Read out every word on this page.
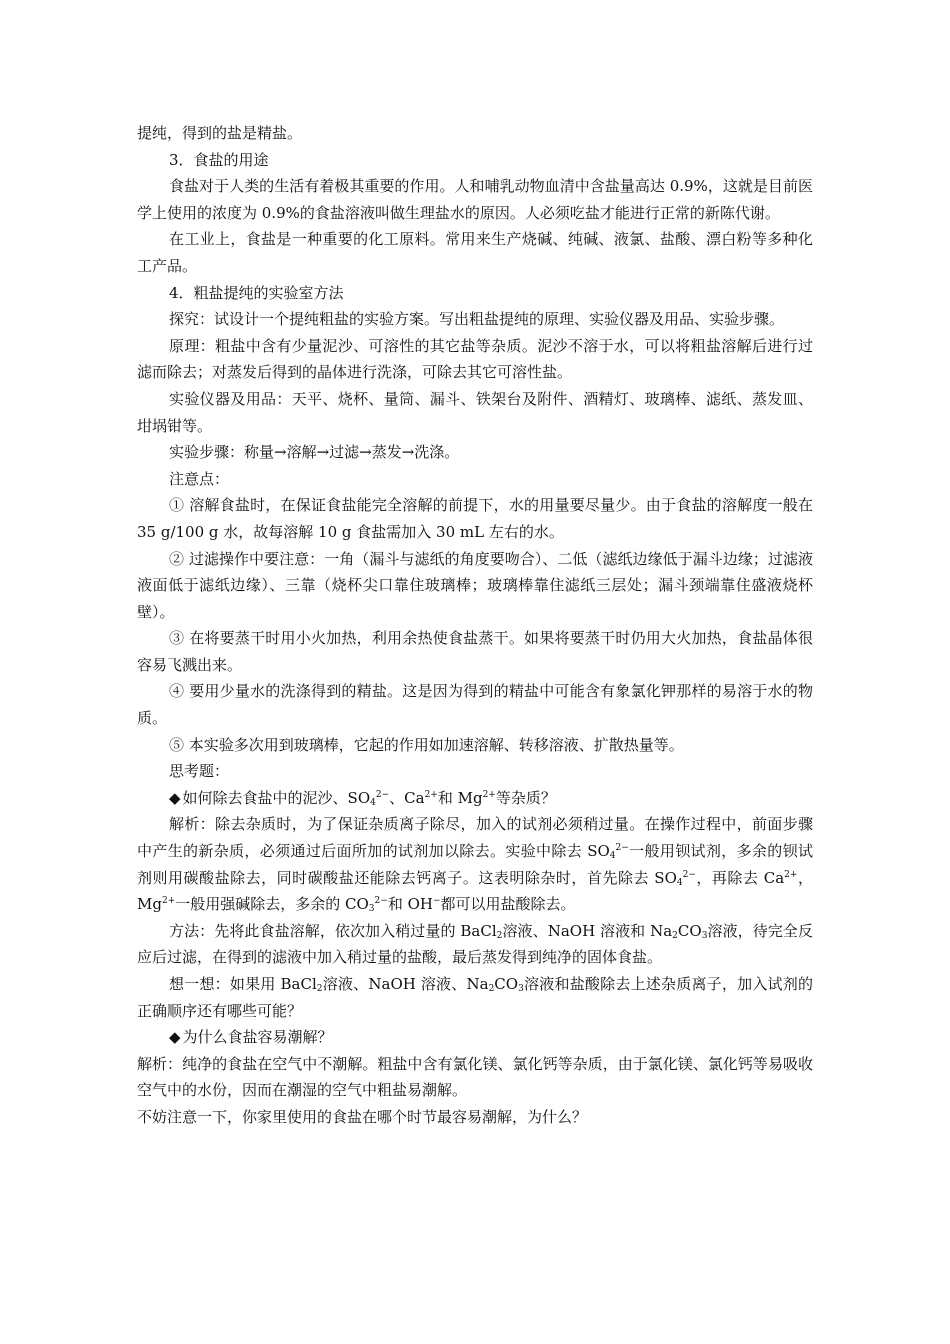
提纯，得到的盐是精盐。

3．食盐的用途

食盐对于人类的生活有着极其重要的作用。人和哺乳动物血清中含盐量高达 0.9%，这就是目前医学上使用的浓度为 0.9%的食盐溶液叫做生理盐水的原因。人必须吃盐才能进行正常的新陈代谢。

在工业上，食盐是一种重要的化工原料。常用来生产烧碱、纯碱、液氯、盐酸、漂白粉等多种化工产品。

4．粗盐提纯的实验室方法

探究：试设计一个提纯粗盐的实验方案。写出粗盐提纯的原理、实验仪器及用品、实验步骤。

原理：粗盐中含有少量泥沙、可溶性的其它盐等杂质。泥沙不溶于水，可以将粗盐溶解后进行过滤而除去；对蒸发后得到的晶体进行洗涤，可除去其它可溶性盐。

实验仪器及用品：天平、烧杯、量筒、漏斗、铁架台及附件、酒精灯、玻璃棒、滤纸、蒸发皿、坩埚钳等。

实验步骤：称量→溶解→过滤→蒸发→洗涤。

注意点：

① 溶解食盐时，在保证食盐能完全溶解的前提下，水的用量要尽量少。由于食盐的溶解度一般在 35 g/100 g 水，故每溶解 10 g 食盐需加入 30 mL 左右的水。

② 过滤操作中要注意：一角（漏斗与滤纸的角度要吻合）、二低（滤纸边缘低于漏斗边缘；过滤液液面低于滤纸边缘）、三靠（烧杯尖口靠住玻璃棒；玻璃棒靠住滤纸三层处；漏斗颈端靠住盛液烧杯壁）。

③ 在将要蒸干时用小火加热，利用余热使食盐蒸干。如果将要蒸干时仍用大火加热，食盐晶体很容易飞溅出来。

④ 要用少量水的洗涤得到的精盐。这是因为得到的精盐中可能含有象氯化钾那样的易溶于水的物质。

⑤ 本实验多次用到玻璃棒，它起的作用如加速溶解、转移溶液、扩散热量等。

思考题：

◆ 如何除去食盐中的泥沙、$SO_4^{2-}$、$Ca^{2+}$和 $Mg^{2+}$等杂质？

解析：除去杂质时，为了保证杂质离子除尽，加入的试剂必须稍过量。在操作过程中，前面步骤中产生的新杂质，必须通过后面所加的试剂加以除去。实验中除去 $SO_4^{2-}$一般用钡试剂，多余的钡试剂则用碳酸盐除去，同时碳酸盐还能除去钙离子。这表明除杂时，首先除去 $SO_4^{2-}$，再除去 $Ca^{2+}$，$Mg^{2+}$一般用强碱除去，多余的 $CO_3^{2-}$和 OH−都可以用盐酸除去。

方法：先将此食盐溶解，依次加入稍过量的 BaCl$_2$溶液、NaOH 溶液和 $Na_2CO_3$溶液，待完全反应后过滤，在得到的滤液中加入稍过量的盐酸，最后蒸发得到纯净的固体食盐。

想一想：如果用 BaCl$_2$溶液、NaOH 溶液、$Na_2CO_3$溶液和盐酸除去上述杂质离子，加入试剂的正确顺序还有哪些可能？

◆ 为什么食盐容易潮解？

解析：纯净的食盐在空气中不潮解。粗盐中含有氯化镁、氯化钙等杂质，由于氯化镁、氯化钙等易吸收空气中的水份，因而在潮湿的空气中粗盐易潮解。

不妨注意一下，你家里使用的食盐在哪个时节最容易潮解，为什么？
